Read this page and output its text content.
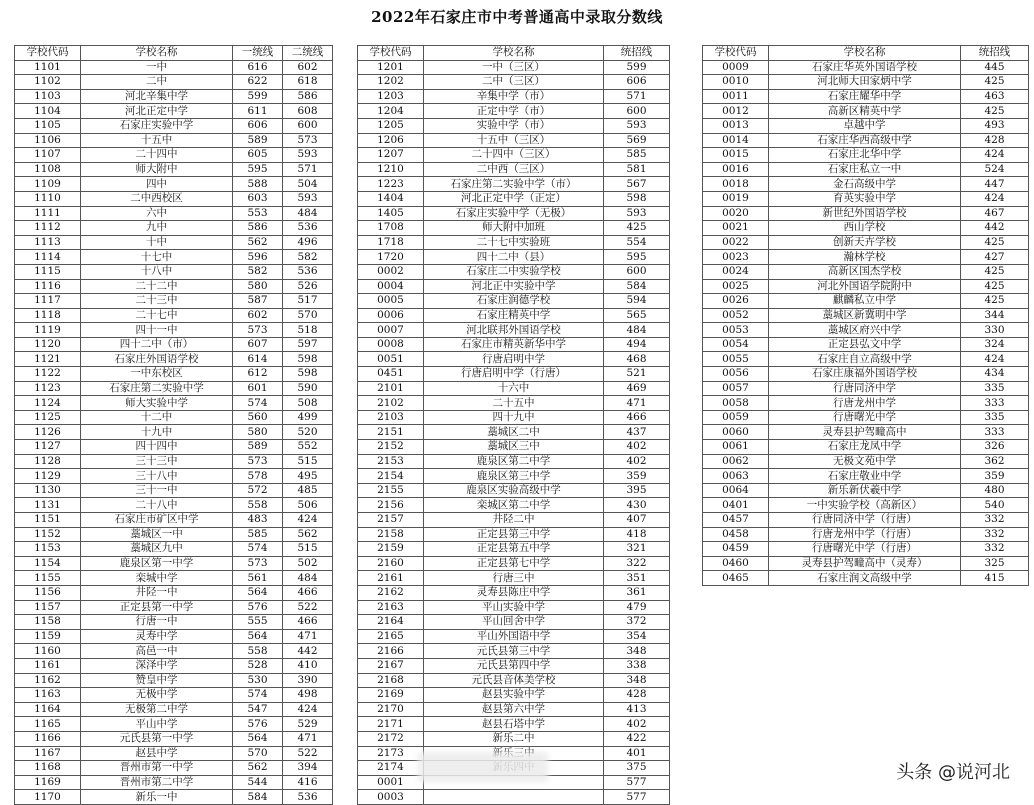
2022年石家庄市中考普通高中录取分数线
学校代码	学校名称	一统线	二统线
1101	一中	616	602
1102	二中	622	618
1103	河北辛集中学	599	586
1104	河北正定中学	611	608
1105	石家庄实验中学	606	600
1106	十五中	589	573
1107	二十四中	605	593
1108	师大附中	595	571
1109	四中	588	504
1110	二中西校区	603	593
1111	六中	553	484
1112	九中	586	536
1113	十中	562	496
1114	十七中	596	582
1115	十八中	582	536
1116	二十二中	580	526
1117	二十三中	587	517
1118	二十七中	602	570
1119	四十一中	573	518
1120	四十二中（市）	607	597
1121	石家庄外国语学校	614	598
1122	一中东校区	612	598
1123	石家庄第二实验中学	601	590
1124	师大实验中学	574	508
1125	十二中	560	499
1126	十九中	580	520
1127	四十四中	589	552
1128	三十三中	573	515
1129	三十八中	578	495
1130	三十一中	572	485
1131	二十八中	558	506
1151	石家庄市矿区中学	483	424
1152	藁城区一中	585	562
1153	藁城区九中	574	515
1154	鹿泉区第一中学	573	502
1155	栾城中学	561	484
1156	井陉一中	564	466
1157	正定县第一中学	576	522
1158	行唐一中	555	466
1159	灵寿中学	564	471
1160	高邑一中	558	442
1161	深泽中学	528	410
1162	赞皇中学	530	390
1163	无极中学	574	498
1164	无极第二中学	547	424
1165	平山中学	576	529
1166	元氏县第一中学	564	471
1167	赵县中学	570	522
1168	晋州市第一中学	562	394
1169	晋州市第二中学	544	416
1170	新乐一中	584	536
学校代码	学校名称	统招线
1201	一中（三区）	599
1202	二中（三区）	606
1203	辛集中学（市）	571
1204	正定中学（市）	600
1205	实验中学（市）	593
1206	十五中（三区）	569
1207	二十四中（三区）	585
1210	二中西（三区）	581
1223	石家庄第二实验中学（市）	567
1404	河北正定中学（正定）	598
1405	石家庄实验中学（无极）	593
1708	师大附中加班	425
1718	二十七中实验班	554
1720	四十二中（县）	595
0002	石家庄二中实验学校	600
0004	河北正中实验中学	584
0005	石家庄润德学校	594
0006	石家庄精英中学	565
0007	河北联邦外国语学校	484
0008	石家庄市精英新华中学	494
0051	行唐启明中学	468
0451	行唐启明中学（行唐）	521
2101	十六中	469
2102	二十五中	471
2103	四十九中	466
2151	藁城区二中	437
2152	藁城区三中	402
2153	鹿泉区第二中学	402
2154	鹿泉区第三中学	359
2155	鹿泉区实验高级中学	395
2156	栾城区第二中学	430
2157	井陉二中	407
2158	正定县第三中学	418
2159	正定县第五中学	321
2160	正定县第七中学	322
2161	行唐三中	351
2162	灵寿县陈庄中学	361
2163	平山实验中学	479
2164	平山回舍中学	372
2165	平山外国语中学	354
2166	元氏县第三中学	348
2167	元氏县第四中学	338
2168	元氏县音体美学校	348
2169	赵县实验中学	428
2170	赵县第六中学	413
2171	赵县石塔中学	402
2172	新乐二中	422
2173		401
2174		375
0001		577
0003		577
学校代码	学校名称	统招线
0009	石家庄华英外国语学校	445
0010	河北师大田家炳中学	425
0011	石家庄耀华中学	463
0012	高新区精英中学	425
0013	卓越中学	493
0014	石家庄华西高级中学	428
0015	石家庄北华中学	424
0016	石家庄私立一中	524
0018	金石高级中学	447
0019	育英实验中学	424
0020	新世纪外国语学校	467
0021	西山学校	442
0022	创新天卉学校	425
0023	瀚林学校	427
0024	高新区国杰学校	425
0025	河北外国语学院附中	425
0026	麒麟私立中学	425
0052	藁城区新冀明中学	344
0053	藁城区府兴中学	330
0054	正定县弘文中学	324
0055	石家庄自立高级中学	424
0056	石家庄康福外国语学校	434
0057	行唐同济中学	335
0058	行唐龙州中学	333
0059	行唐曙光中学	335
0060	灵寿县护驾疃高中	333
0061	石家庄龙凤中学	326
0062	无极文苑中学	362
0063	石家庄敬业中学	359
0064	新乐新伏羲中学	480
0401	一中实验学校（高新区）	540
0457	行唐同济中学（行唐）	332
0458	行唐龙州中学（行唐）	332
0459	行唐曙光中学（行唐）	332
0460	灵寿县护驾疃高中（灵寿）	325
0465	石家庄润文高级中学	415
头条 @说河北
